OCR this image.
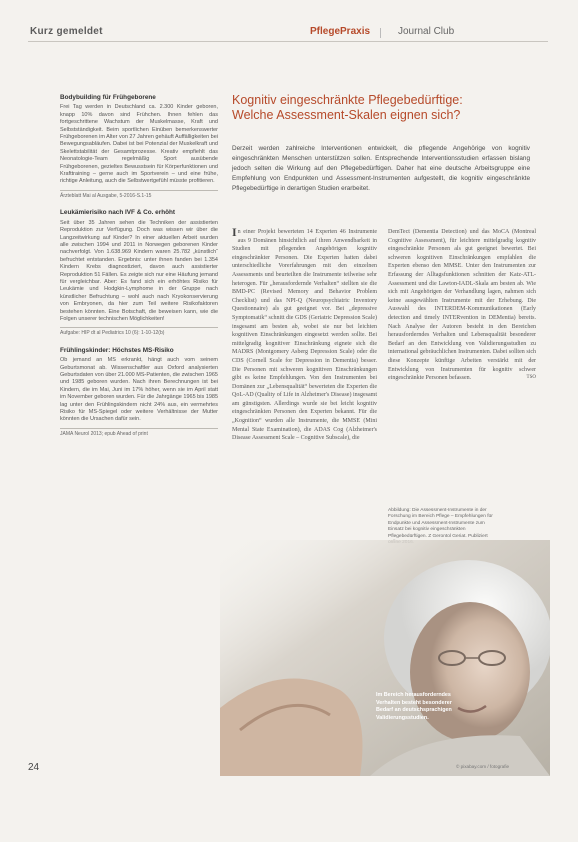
Kurz gemeldet	PflegePraxis	Journal Club
Bodybuilding für Frühgeborene
Frei Tag werden in Deutschland ca. 2.300 Kinder geboren, knapp 10% davon sind Frühchen. Ihnen fehlen das fortgeschrittene Wachstum der Muskelmasse, Kraft und Selbstständigkeit. Beim sportlichen Einüben bemerkenswerter Frühgeborenen im Alter von 27 Jahren gehäuft Auffälligkeiten bei Bewegungsabläufen. Dabei ist bei Potenzial der Muskelkraft und Skelettstabilität der Gesamtprozesse. Kreativ empfiehlt das Neonatologie-Team regelmäßig Sport ausübende Frühgeborenen, gezieltes Bewusstsein für Körperfunktionen und Krafttraining – gerne auch im Sportverein – und eine frühe, richtige Anleitung, auch die Selbstwertgefühl müsste profitieren.
Ärzteblatt Mai al Ausgabe, 5-2016-S.1-15
Leukämierisiko nach IVF & Co. erhöht
Seit über 35 Jahren sehen die Techniken der assistierten Reproduktion zur Verfügung. Doch was wissen wir über die Langzeitwirkung auf Kinder? In einer aktuellen Arbeit wurden alle zwischen 1994 und 2011 in Norwegen geborenen Kinder nachverfolgt. Von 1.638.969 Kindern waren 25.782 „künstlich“ befruchtet entstanden. Ergebnis: unter ihnen fanden bei 1.354 Kindern Krebs diagnostiziert, davon auch assistierter Reproduktion 51 Fällen. Es zeigte sich nur eine Häufung jemand für vergleichbar. Aber: Es fand sich ein erhöhtes Risiko für Leukämie und Hodgkin-Lymphome in der Gruppe nach künstlicher Befruchtung – wohl auch nach Kryokonservierung von Embryonen, da hier zum Teil weitere Risikofaktoren bestehen könnten. Eine Botschaft, die beweisen kann, wie die Folgen unserer technischen Möglichkeiten!
Aufgabe: HIP dt al Pediatrics 10 (6): 1-10-12(b)
Frühlingskinder: Höchstes MS-Risiko
Ob jemand an MS erkrankt, hängt auch vom seinem Geburtsmonat ab. Wissenschaftler aus Oxford analysierten Geburtsdaten von über 21.000 MS-Patienten, die zwischen 1965 und 1985 geboren wurden. Nach ihren Berechnungen ist bei Kindern, die im Mai, Juni im 17% höher, wenn sie im April statt im November geboren wurden. Für die Jahrgänge 1965 bis 1985 lag unter den Frühlingskindern nicht 24% aus, ein vermehrtes Risiko für MS-Spiegel oder weitere Verhältnisse der Mutter könnten die Ursachen dafür sein.
JAMA Neurol 2013; epub Ahead of print
Kognitiv eingeschränkte Pflegebedürftige:
Welche Assessment-Skalen eignen sich?
Derzeit werden zahlreiche Interventionen entwickelt, die pflegende Angehörige von kognitiv eingeschränkten Menschen unterstützen sollen. Entsprechende Interventionsstudien erfassen bislang jedoch selten die Wirkung auf den Pflegebedürftigen. Daher hat eine deutsche Arbeitsgruppe eine Empfehlung von Endpunkten und Assessment-Instrumenten aufgestellt, die kognitiv eingeschränkte Pflegebedürftige in derartigen Studien erarbeitet.
In einer Projekt bewerteten 14 Experten 46 Instrumente aus 9 Domänen hinsichtlich auf ihren Anwendbarkeit in Studien mit pflegenden Angehörigen kognitiv eingeschränkter Personen. Die Experten hatten dabei unterschiedliche Vorerfahrungen mit den einzelnen Assessments und beurteilten die Instrumente teilweise sehr heterogen. Für „herausfordernde Verhalten“ stellten sie die BMD-PC (Revised Memory and Behavior Problem Checklist) und das NPI-Q (Neuropsychiatric Inventory Questionnaire) als gut geeignet vor. Bei „depressive Symptomatik“ schnitt die GDS (Geriatric Depression Scale) insgesamt am besten ab, wobei sie nur bei leichten kognitiven Einschränkungen eingesetzt werden sollte. Bei mittelgradig kognitiver Einschränkung eignete sich die MADRS (Montgomery Asberg Depression Scale) oder die CDS (Cornell Scale for Depression in Dementia) besser. Die Personen mit schweren kognitiven Einschränkungen gibt es keine Empfehlungen. Von den Instrumenten bei Domänen zur „Lebensqualität“ bewerteten die Experten die QoL-AD (Quality of Life in Alzheimer's Disease) insgesamt am günstigsten. Allerdings wurde sie bei leicht kognitiv eingeschränkten Personen den Experten bekannt. Für die „Kognition“ wurden alle Instrumente, die MMSE (Mini Mental State Examination), die ADAS Cog (Alzheimer's Disease Assessment Scale – Cognitive Subscale), die
DemTect (Dementia Detection) und das MoCA (Montreal Cognitive Assessment), für leichtere mittelgradig kognitiv eingeschränkte Personen als gut geeignet bewertet. Bei schweren kognitiven Einschränkungen empfahlen die Experten ebenso den MMSE. Unter den Instrumenten zur Erfassung der Alltagsfunktionen schnitten der Katz-ATL-Assessment und die Lawton-IADL-Skala am besten ab. Wie sich mit Angehörigen der Verhandlung lagen, nahmen sich keine ausgewählten Instrumente mit der Erhebung. Die Auswahl des INTERDEM-Kommunikationen (Early detection and timely INTERvention in DEMentia) bereits. Nach Analyse der Autoren besteht in den Bereichen herausforderndes Verhalten und Lebensqualität besonderer Bedarf an den Entwicklung von Validierungsstudien zu international gebräuchlichen Instrumenten. Dabei sollten sich diese Konzepte künftige Arbeiten verstärkt mit der Entwicklung von Instrumenten für kognitiv schwer eingeschränkte Personen befassen.	TSO
Abbildung: Die Assessment-Instrumente in der Forschung im Bereich Pflege – Empfehlungen für Endpunkte und Assessment-Instrumente zum Einsatz bei kognitiv eingeschränkten Pflegebedürftigen. Z Gerontol Geriat. Publiziert
Im Bereich herausforderndes Verhalten besteht besonderer Bedarf an deutschsprachigen Validierungsstudien.
© pixabay.com / fotografie
24
